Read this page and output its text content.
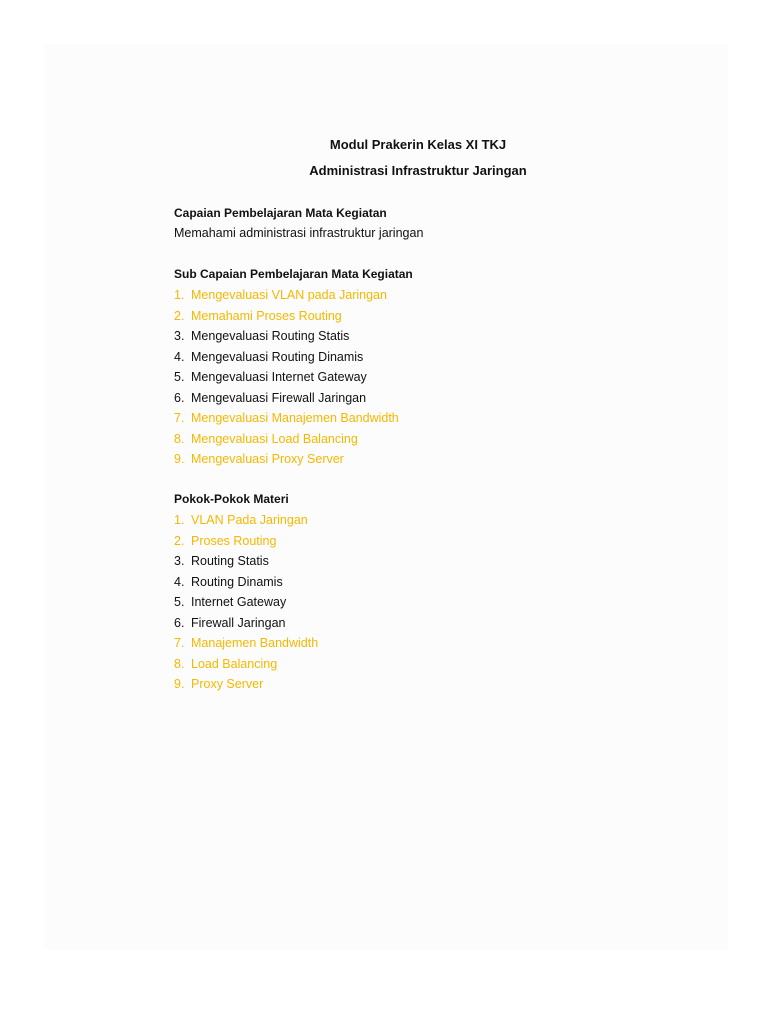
Modul Prakerin Kelas XI TKJ
Administrasi Infrastruktur Jaringan
Capaian Pembelajaran Mata Kegiatan

Memahami administrasi infrastruktur jaringan

Sub Capaian Pembelajaran Mata Kegiatan
1. Mengevaluasi VLAN pada Jaringan
2. Memahami Proses Routing
3. Mengevaluasi Routing Statis
4. Mengevaluasi Routing Dinamis
5. Mengevaluasi Internet Gateway
6. Mengevaluasi Firewall Jaringan
7. Mengevaluasi Manajemen Bandwidth
8. Mengevaluasi Load Balancing
9. Mengevaluasi Proxy Server
Pokok-Pokok Materi
1. VLAN Pada Jaringan
2. Proses Routing
3. Routing Statis
4. Routing Dinamis
5. Internet Gateway
6. Firewall Jaringan
7. Manajemen Bandwidth
8. Load Balancing
9. Proxy Server
